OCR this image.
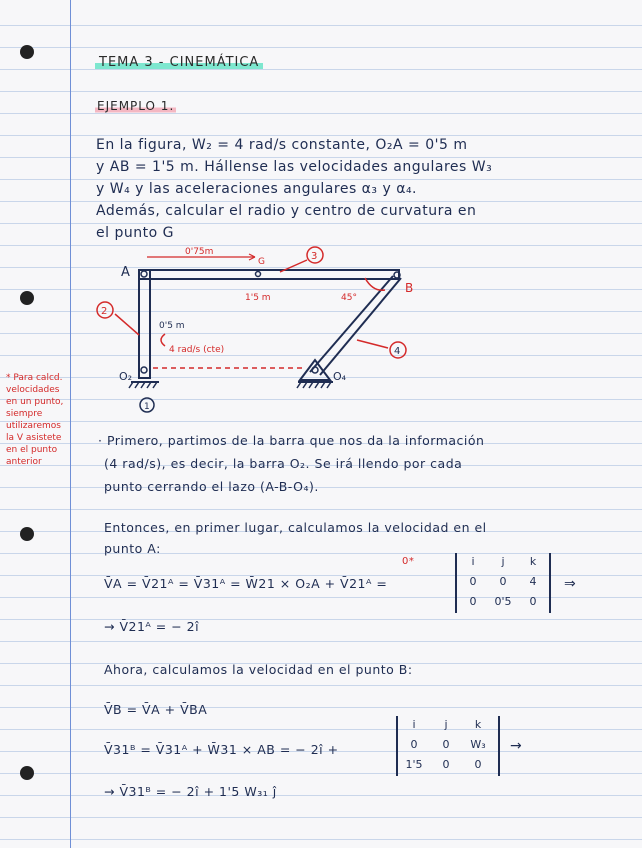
TEMA 3 - CINEMÁTICA
EJEMPLO 1.
En la figura, W₂ = 4 rad/s constante, O₂A = 0'5 m
y AB = 1'5 m. Hállense las velocidades angulares W₃
y W₄ y las aceleraciones angulares α₃ y α₄.
Además, calcular el radio y centro de curvatura en
el punto G
3
2
4
1
A
B
G
O₂	O₄
0'75m
1'5 m	45°
0'5 m
4 rad/s (cte)
* Para calcd.
velocidades
en un punto,
siempre
utilizaremos
la V asistete
en el punto
anterior
· Primero, partimos de la barra que nos da la información
(4 rad/s), es decir, la barra O₂. Se irá llendo por cada
punto cerrando el lazo (A-B-O₄).
Entonces, en primer lugar, calculamos la velocidad en el
punto A:
V̄A = V̄21ᴬ = V̄31ᴬ = W̄21 × O₂A + V̄21ᴬ =
0*	i	j	k
0	0	4
0	0'5	0
⇒
→ V̄21ᴬ = − 2î
Ahora, calculamos la velocidad en el punto B:
V̄B = V̄A + V̄BA
V̄31ᴮ = V̄31ᴬ + W̄31 × AB = − 2î +
i	j	k
0	0	W₃
1'5	0	0
→
→ V̄31ᴮ = − 2î + 1'5 W₃₁ ĵ
